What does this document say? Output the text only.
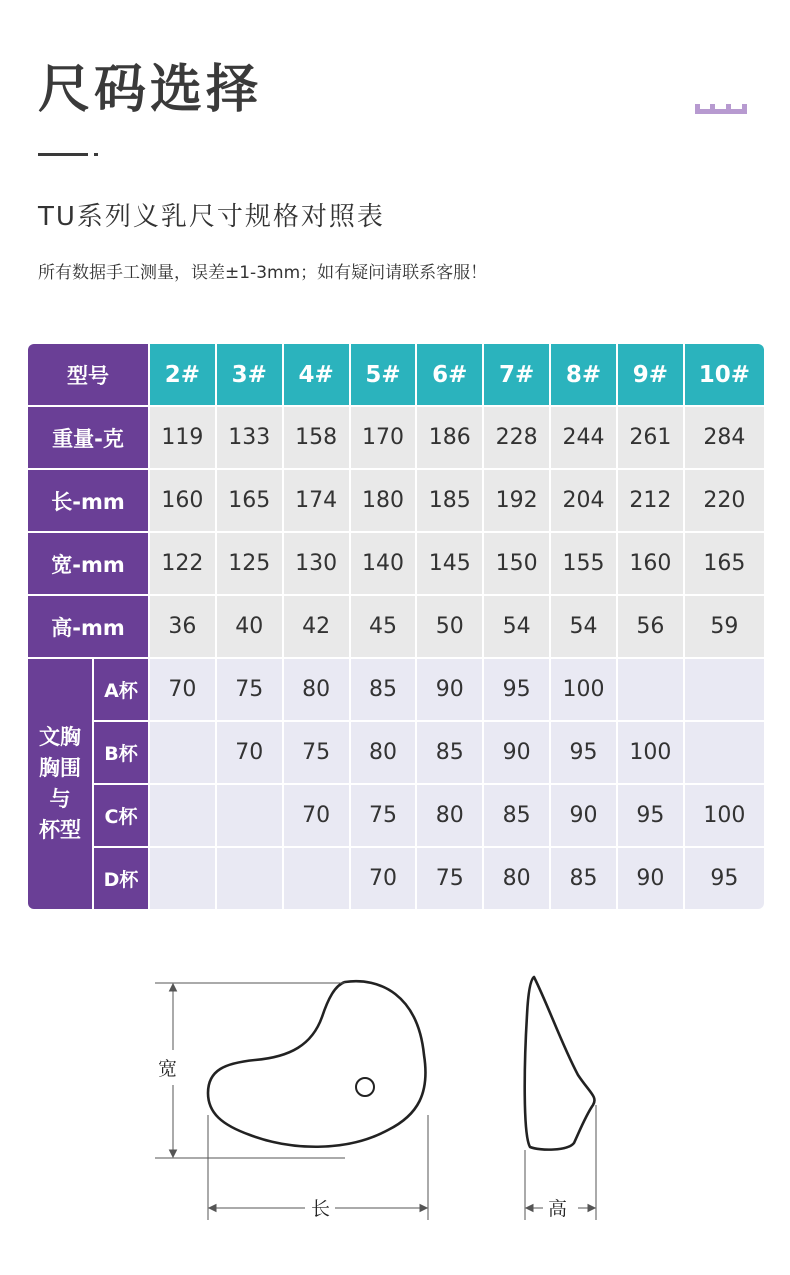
尺码选择
TU系列义乳尺寸规格对照表
所有数据手工测量，误差±1-3mm；如有疑问请联系客服！
型号		2#	3#	4#	5#	6#	7#	8#	9#	10#
重量-克		119	133	158	170	186	228	244	261	284
长-mm		160	165	174	180	185	192	204	212	220
宽-mm		122	125	130	140	145	150	155	160	165
高-mm		36	40	42	45	50	54	54	56	59

文胸
胸围
与
杯型	A杯	70	75	80	85	90	95	100		
	B杯		70	75	80	85	90	95	100	
	C杯			70	75	80	85	90	95	100
	D杯				70	75	80	85	90	95
宽
长	高
